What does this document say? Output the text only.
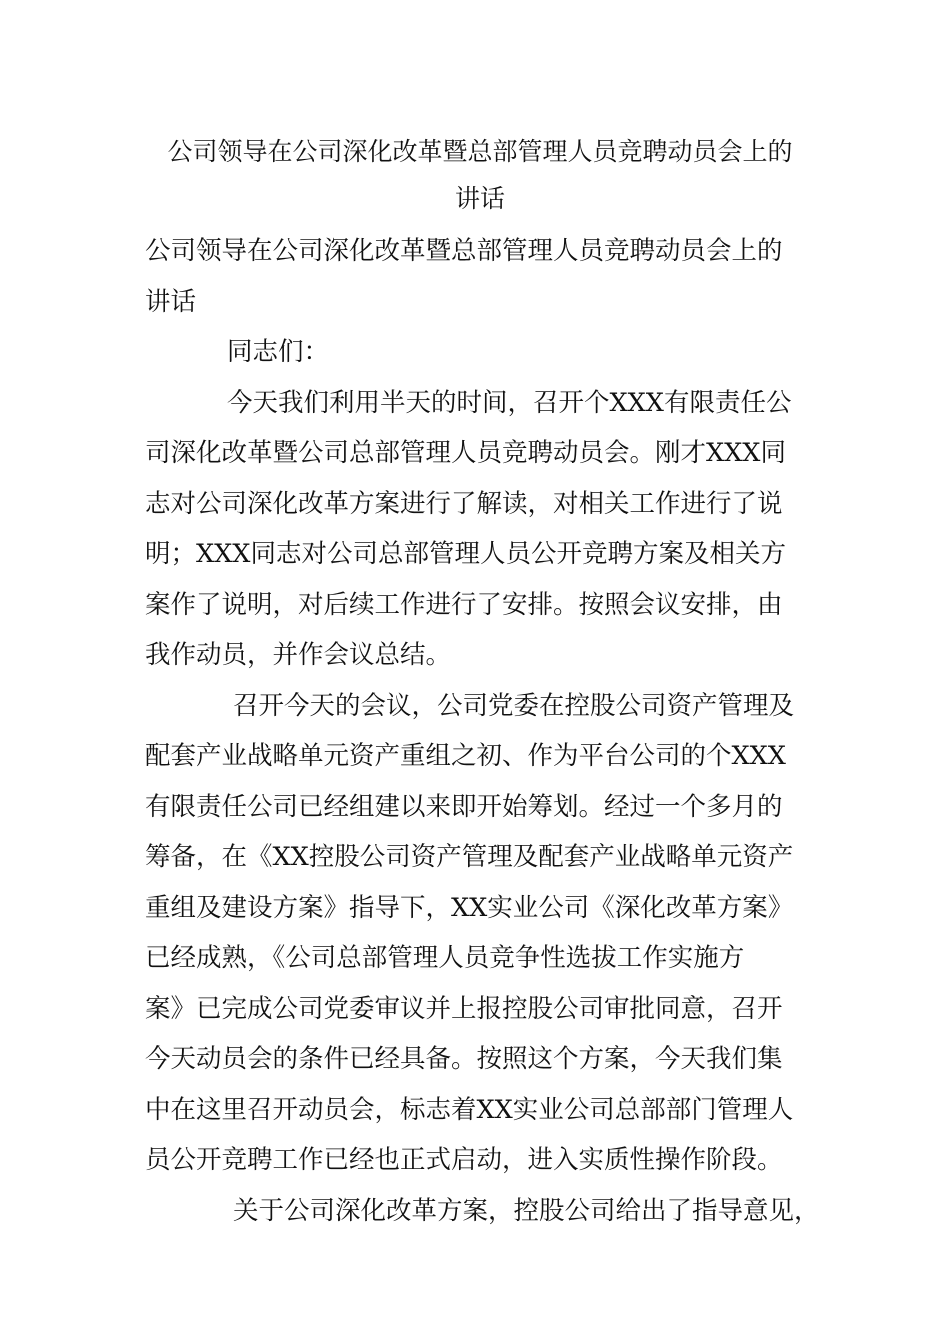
公司领导在公司深化改革暨总部管理人员竞聘动员会上的
讲话
公司领导在公司深化改革暨总部管理人员竞聘动员会上的
讲话
同志们：
今天我们利用半天的时间，召开个XXX有限责任公
司深化改革暨公司总部管理人员竞聘动员会。刚才XXX同
志对公司深化改革方案进行了解读，对相关工作进行了说
明；XXX同志对公司总部管理人员公开竞聘方案及相关方
案作了说明，对后续工作进行了安排。按照会议安排，由
我作动员，并作会议总结。
召开今天的会议，公司党委在控股公司资产管理及
配套产业战略单元资产重组之初、作为平台公司的个XXX
有限责任公司已经组建以来即开始筹划。经过一个多月的
筹备，在《XX控股公司资产管理及配套产业战略单元资产
重组及建设方案》指导下，XX实业公司《深化改革方案》
已经成熟，《公司总部管理人员竞争性选拔工作实施方
案》已完成公司党委审议并上报控股公司审批同意，召开
今天动员会的条件已经具备。按照这个方案，今天我们集
中在这里召开动员会，标志着XX实业公司总部部门管理人
员公开竞聘工作已经也正式启动，进入实质性操作阶段。
关于公司深化改革方案，控股公司给出了指导意见，
